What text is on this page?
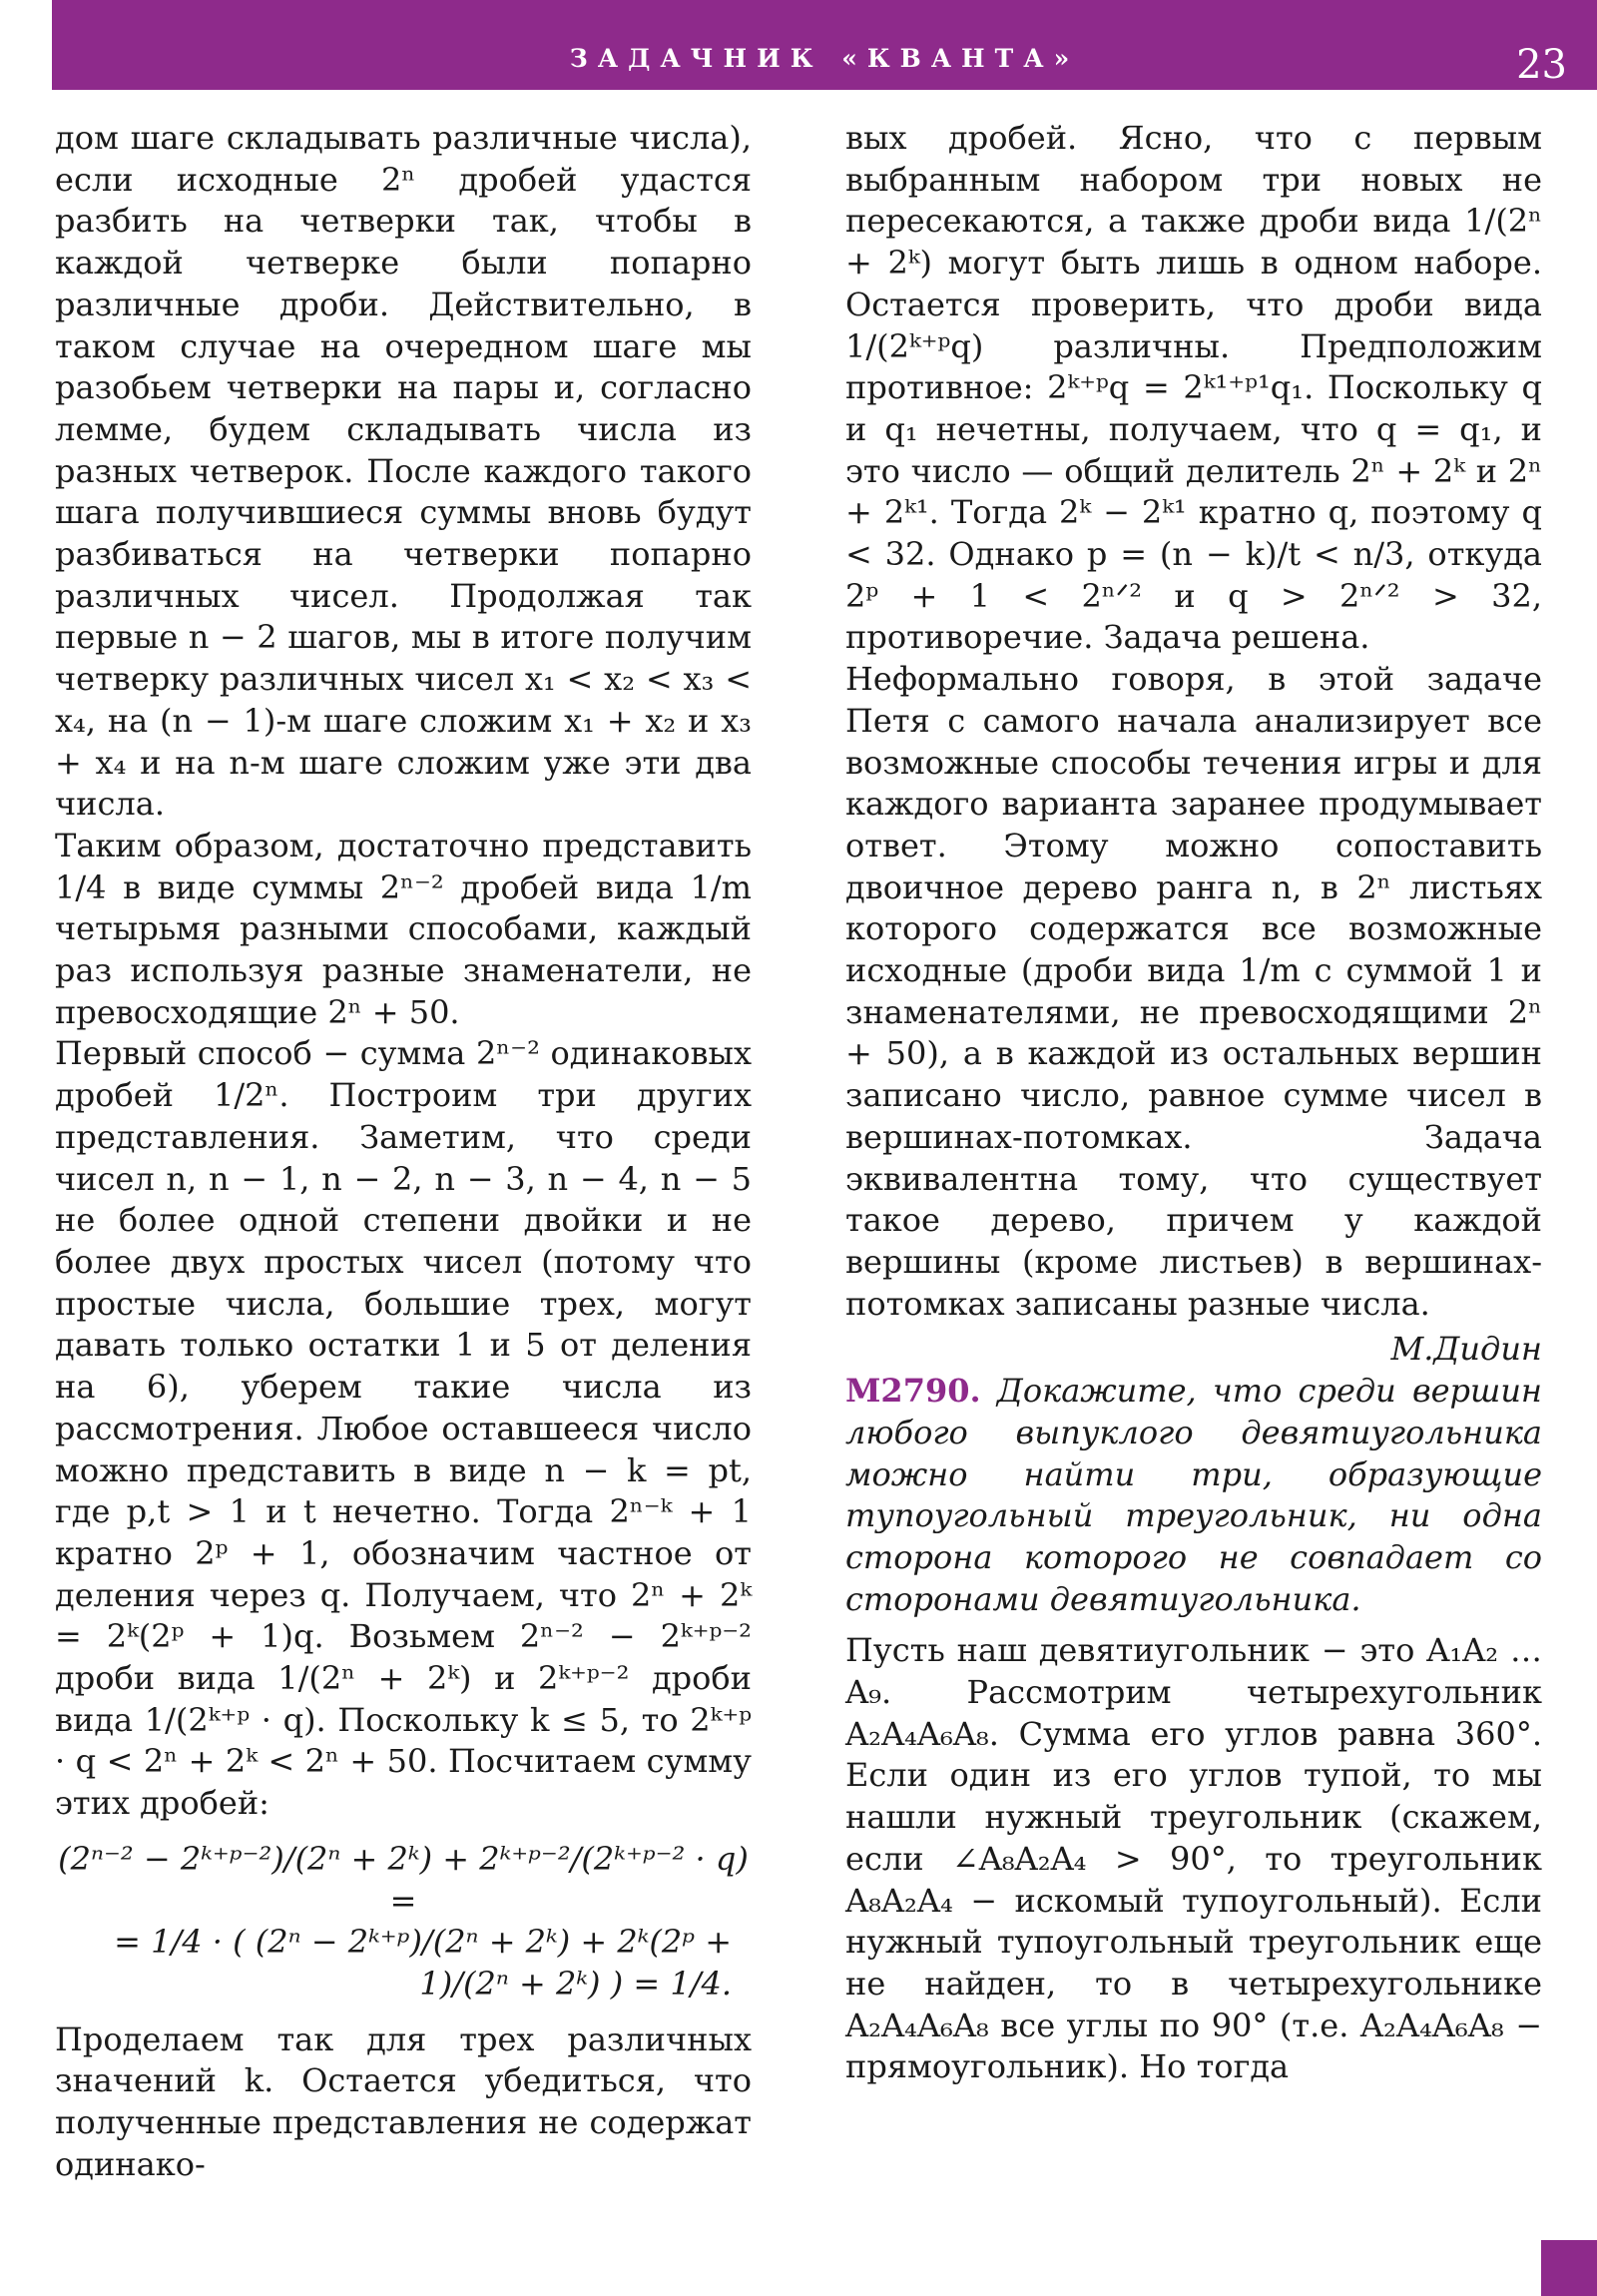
ЗАДАЧНИК «КВАНТА»	23

дом шаге складывать различные числа), если исходные 2ⁿ дробей удастся разбить на четверки так, чтобы в каждой четверке были попарно различные дроби. Действительно, в таком случае на очередном шаге мы разобьем четверки на пары и, согласно лемме, будем складывать числа из разных четверок. После каждого такого шага получившиеся суммы вновь будут разбиваться на четверки попарно различных чисел. Продолжая так первые n − 2 шагов, мы в итоге получим четверку различных чисел x₁ < x₂ < x₃ < x₄, на (n − 1)-м шаге сложим x₁ + x₂ и x₃ + x₄ и на n-м шаге сложим уже эти два числа.

Таким образом, достаточно представить 1/4 в виде суммы 2ⁿ⁻² дробей вида 1/m четырьмя разными способами, каждый раз используя разные знаменатели, не превосходящие 2ⁿ + 50.

Первый способ − сумма 2ⁿ⁻² одинаковых дробей 1/2ⁿ. Построим три других представления. Заметим, что среди чисел n, n − 1, n − 2, n − 3, n − 4, n − 5 не более одной степени двойки и не более двух простых чисел (потому что простые числа, большие трех, могут давать только остатки 1 и 5 от деления на 6), уберем такие числа из рассмотрения. Любое оставшееся число можно представить в виде n − k = pt, где p,t > 1 и t нечетно. Тогда 2ⁿ⁻ᵏ + 1 кратно 2ᵖ + 1, обозначим частное от деления через q. Получаем, что 2ⁿ + 2ᵏ = 2ᵏ(2ᵖ + 1)q. Возьмем 2ⁿ⁻² − 2ᵏ⁺ᵖ⁻² дроби вида 1/(2ⁿ + 2ᵏ) и 2ᵏ⁺ᵖ⁻² дроби вида 1/(2ᵏ⁺ᵖ · q). Поскольку k ≤ 5, то 2ᵏ⁺ᵖ · q < 2ⁿ + 2ᵏ < 2ⁿ + 50. Посчитаем сумму этих дробей:

(2ⁿ⁻² − 2ᵏ⁺ᵖ⁻²)/(2ⁿ + 2ᵏ) + 2ᵏ⁺ᵖ⁻²/(2ᵏ⁺ᵖ⁻² · q) =
= 1/4 · ( (2ⁿ − 2ᵏ⁺ᵖ)/(2ⁿ + 2ᵏ) + 2ᵏ(2ᵖ + 1)/(2ⁿ + 2ᵏ) ) = 1/4.

Проделаем так для трех различных значений k. Остается убедиться, что полученные представления не содержат одинако-

вых дробей. Ясно, что с первым выбранным набором три новых не пересекаются, а также дроби вида 1/(2ⁿ + 2ᵏ) могут быть лишь в одном наборе. Остается проверить, что дроби вида 1/(2ᵏ⁺ᵖq) различны. Предположим противное: 2ᵏ⁺ᵖq = 2ᵏ¹⁺ᵖ¹q₁. Поскольку q и q₁ нечетны, получаем, что q = q₁, и это число — общий делитель 2ⁿ + 2ᵏ и 2ⁿ + 2ᵏ¹. Тогда 2ᵏ − 2ᵏ¹ кратно q, поэтому q < 32. Однако p = (n − k)/t < n/3, откуда 2ᵖ + 1 < 2ⁿᐟ² и q > 2ⁿᐟ² > 32, противоречие. Задача решена.

Неформально говоря, в этой задаче Петя с самого начала анализирует все возможные способы течения игры и для каждого варианта заранее продумывает ответ. Этому можно сопоставить двоичное дерево ранга n, в 2ⁿ листьях которого содержатся все возможные исходные (дроби вида 1/m с суммой 1 и знаменателями, не превосходящими 2ⁿ + 50), а в каждой из остальных вершин записано число, равное сумме чисел в вершинах-потомках. Задача эквивалентна тому, что существует такое дерево, причем у каждой вершины (кроме листьев) в вершинах-потомках записаны разные числа.

М.Дидин

М2790. Докажите, что среди вершин любого выпуклого девятиугольника можно найти три, образующие тупоугольный треугольник, ни одна сторона которого не совпадает со сторонами девятиугольника.

Пусть наш девятиугольник − это A₁A₂ … A₉. Рассмотрим четырехугольник A₂A₄A₆A₈. Сумма его углов равна 360°. Если один из его углов тупой, то мы нашли нужный треугольник (скажем, если ∠A₈A₂A₄ > 90°, то треугольник A₈A₂A₄ − искомый тупоугольный). Если нужный тупоугольный треугольник еще не найден, то в четырехугольнике A₂A₄A₆A₈ все углы по 90° (т.е. A₂A₄A₆A₈ − прямоугольник). Но тогда
